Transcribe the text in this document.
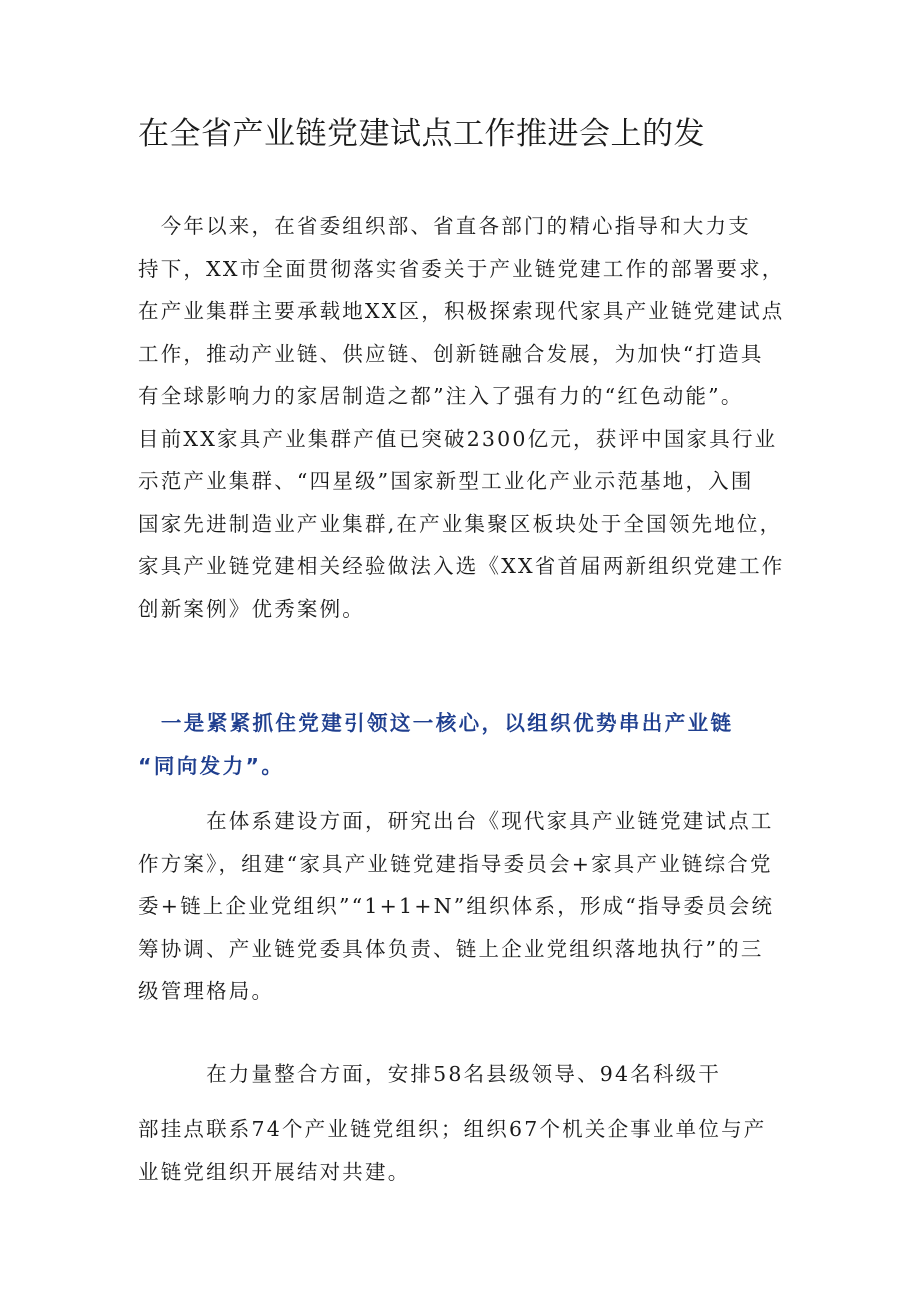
在全省产业链党建试点工作推进会上的发
　今年以来，在省委组织部、省直各部门的精心指导和大力支
持下，XX市全面贯彻落实省委关于产业链党建工作的部署要求，
在产业集群主要承载地XX区，积极探索现代家具产业链党建试点
工作，推动产业链、供应链、创新链融合发展，为加快“打造具
有全球影响力的家居制造之都”注入了强有力的“红色动能”。
目前XX家具产业集群产值已突破2300亿元，获评中国家具行业
示范产业集群、“四星级”国家新型工业化产业示范基地，入围
国家先进制造业产业集群,在产业集聚区板块处于全国领先地位，
家具产业链党建相关经验做法入选《XX省首届两新组织党建工作
创新案例》优秀案例。
　一是紧紧抓住党建引领这一核心，以组织优势串出产业链
“同向发力”。
　　　在体系建设方面，研究出台《现代家具产业链党建试点工
作方案》，组建“家具产业链党建指导委员会+家具产业链综合党
委+链上企业党组织”“1+1+N”组织体系，形成“指导委员会统
筹协调、产业链党委具体负责、链上企业党组织落地执行”的三
级管理格局。
　　　在力量整合方面，安排58名县级领导、94名科级干
部挂点联系74个产业链党组织；组织67个机关企事业单位与产
业链党组织开展结对共建。
